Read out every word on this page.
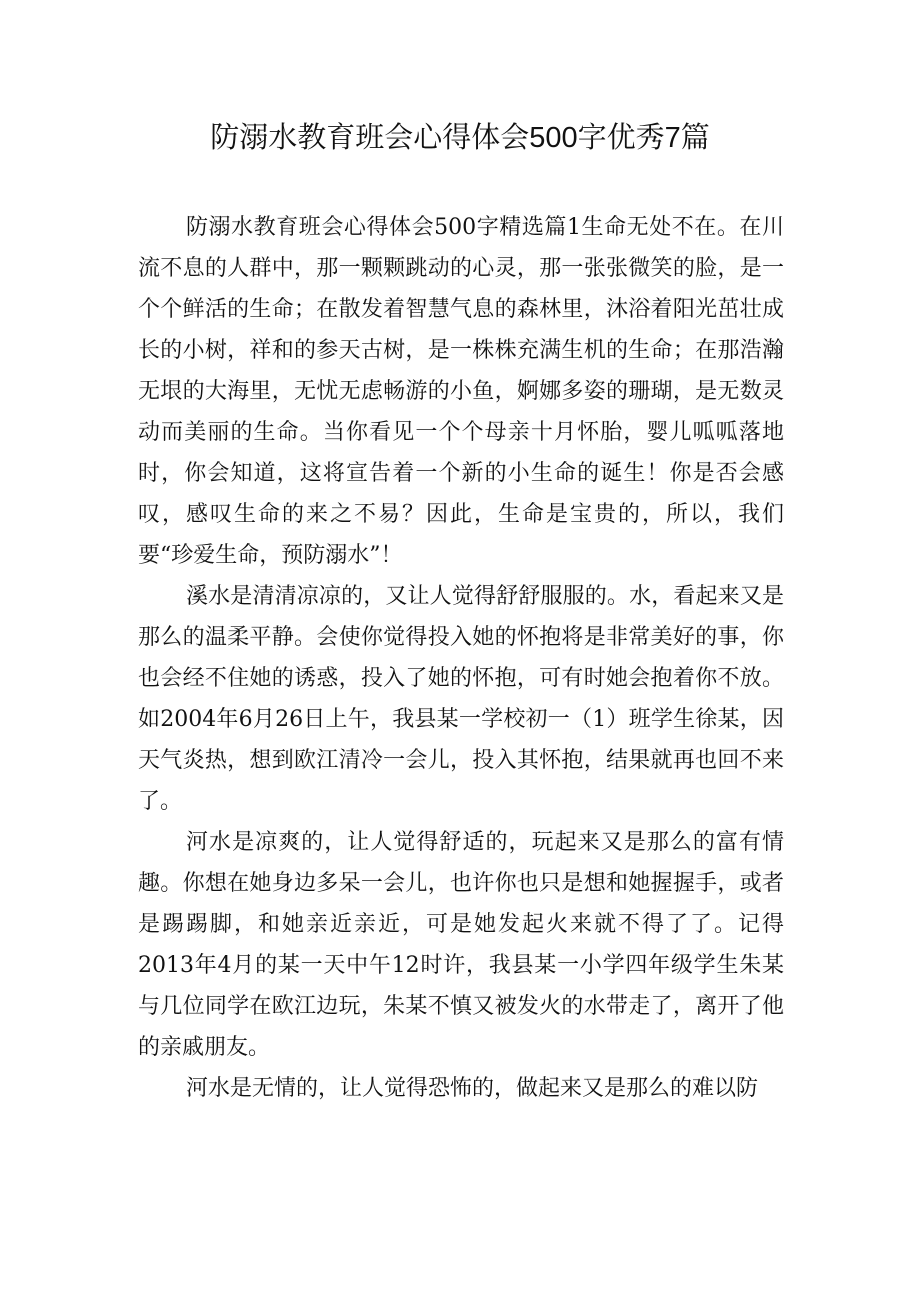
防溺水教育班会心得体会500字优秀7篇

防溺水教育班会心得体会500字精选篇1生命无处不在。在川流不息的人群中，那一颗颗跳动的心灵，那一张张微笑的脸，是一个个鲜活的生命；在散发着智慧气息的森林里，沐浴着阳光茁壮成长的小树，祥和的参天古树，是一株株充满生机的生命；在那浩瀚无垠的大海里，无忧无虑畅游的小鱼，婀娜多姿的珊瑚，是无数灵动而美丽的生命。当你看见一个个母亲十月怀胎，婴儿呱呱落地时，你会知道，这将宣告着一个新的小生命的诞生！你是否会感叹，感叹生命的来之不易？因此，生命是宝贵的，所以，我们要“珍爱生命，预防溺水”！

溪水是清清凉凉的，又让人觉得舒舒服服的。水，看起来又是那么的温柔平静。会使你觉得投入她的怀抱将是非常美好的事，你也会经不住她的诱惑，投入了她的怀抱，可有时她会抱着你不放。如2004年6月26日上午，我县某一学校初一（1）班学生徐某，因天气炎热，想到欧江清冷一会儿，投入其怀抱，结果就再也回不来了。

河水是凉爽的，让人觉得舒适的，玩起来又是那么的富有情趣。你想在她身边多呆一会儿，也许你也只是想和她握握手，或者是踢踢脚，和她亲近亲近，可是她发起火来就不得了了。记得2013年4月的某一天中午12时许，我县某一小学四年级学生朱某与几位同学在欧江边玩，朱某不慎又被发火的水带走了，离开了他的亲戚朋友。

河水是无情的，让人觉得恐怖的，做起来又是那么的难以防
